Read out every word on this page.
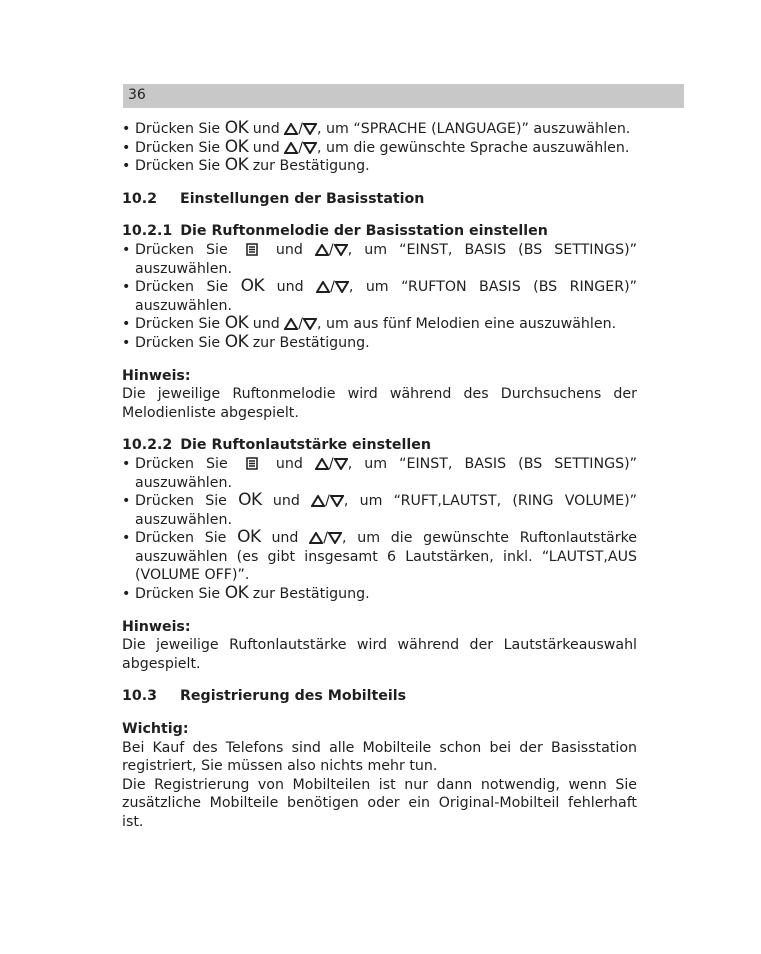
36
• Drücken Sie OK und / , um “SPRACHE (LANGUAGE)” auszuwählen.
• Drücken Sie OK und / , um die gewünschte Sprache auszuwählen.
• Drücken Sie OK zur Bestätigung.
10.2 Einstellungen der Basisstation
10.2.1 Die Ruftonmelodie der Basisstation einstellen
• Drücken Sie	und / , um “EINST, BASIS (BS SETTINGS)” auszuwählen.
• Drücken Sie OK und / , um “RUFTON BASIS (BS RINGER)” auszuwählen.
• Drücken Sie OK und / , um aus fünf Melodien eine auszuwählen.
• Drücken Sie OK zur Bestätigung.
Hinweis:

Die jeweilige Ruftonmelodie wird während des Durchsuchens der Melodienliste abgespielt.

10.2.2 Die Ruftonlautstärke einstellen
• Drücken Sie	und / , um “EINST, BASIS (BS SETTINGS)” auszuwählen.
• Drücken Sie OK und / , um “RUFT,LAUTST, (RING VOLUME)” auszuwählen.
• Drücken Sie OK und / , um die gewünschte Ruftonlautstärke auszuwählen (es gibt insgesamt 6 Lautstärken, inkl. “LAUTST,AUS (VOLUME OFF)”.
• Drücken Sie OK zur Bestätigung.
Hinweis:

Die jeweilige Ruftonlautstärke wird während der Lautstärkeauswahl abgespielt.

10.3 Registrierung des Mobilteils
Wichtig:

Bei Kauf des Telefons sind alle Mobilteile schon bei der Basisstation registriert, Sie müssen also nichts mehr tun.

Die Registrierung von Mobilteilen ist nur dann notwendig, wenn Sie zusätzliche Mobilteile benötigen oder ein Original-Mobilteil fehlerhaft ist.
